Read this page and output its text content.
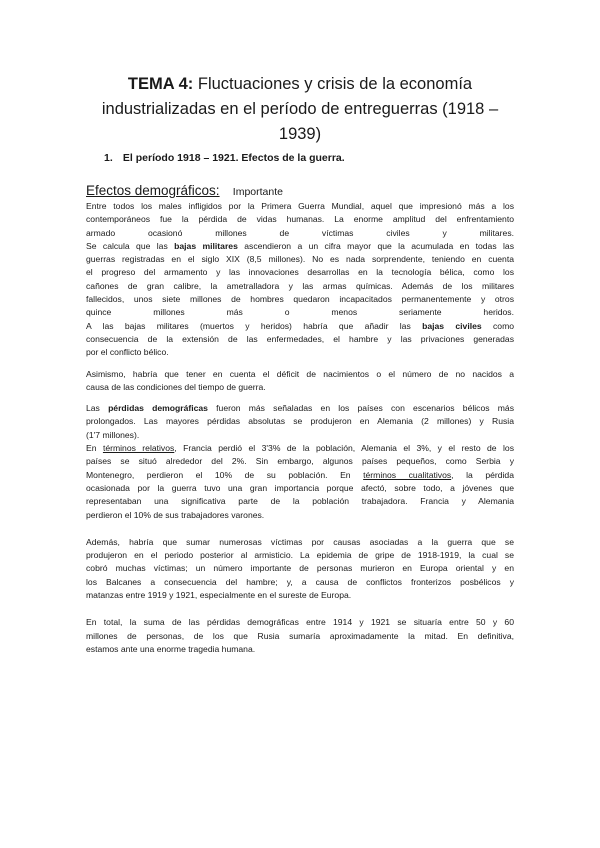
TEMA 4: Fluctuaciones y crisis de la economía
industrializadas en el período de entreguerras (1918 –
1939)
1. El período 1918 – 1921. Efectos de la guerra.
Efectos demográficos: Importante

Entre todos los males infligidos por la Primera Guerra Mundial, aquel que impresionó más a los
contemporáneos fue la pérdida de vidas humanas. La enorme amplitud del enfrentamiento
armado ocasionó millones de víctimas civiles y militares.
Se calcula que las bajas militares ascendieron a un cifra mayor que la acumulada en todas las
guerras registradas en el siglo XIX (8,5 millones). No es nada sorprendente, teniendo en cuenta
el progreso del armamento y las innovaciones desarrollas en la tecnología bélica, como los
cañones de gran calibre, la ametralladora y las armas químicas. Además de los militares
fallecidos, unos siete millones de hombres quedaron incapacitados permanentemente y otros
quince millones más o menos seriamente heridos.
A las bajas militares (muertos y heridos) habría que añadir las bajas civiles como
consecuencia de la extensión de las enfermedades, el hambre y las privaciones generadas
por el conflicto bélico.

Asimismo, habría que tener en cuenta el déficit de nacimientos o el número de no nacidos a
causa de las condiciones del tiempo de guerra.

Las pérdidas demográficas fueron más señaladas en los países con escenarios bélicos más
prolongados. Las mayores pérdidas absolutas se produjeron en Alemania (2 millones) y Rusia
(1'7 millones).
En términos relativos, Francia perdió el 3'3% de la población, Alemania el 3%, y el resto de los
países se situó alrededor del 2%. Sin embargo, algunos países pequeños, como Serbia y
Montenegro, perdieron el 10% de su población. En términos cualitativos, la pérdida
ocasionada por la guerra tuvo una gran importancia porque afectó, sobre todo, a jóvenes que
representaban una significativa parte de la población trabajadora. Francia y Alemania
perdieron el 10% de sus trabajadores varones.

Además, habría que sumar numerosas víctimas por causas asociadas a la guerra que se
produjeron en el periodo posterior al armisticio. La epidemia de gripe de 1918-1919, la cual se
cobró muchas víctimas; un número importante de personas murieron en Europa oriental y en
los Balcanes a consecuencia del hambre; y, a causa de conflictos fronterizos posbélicos y
matanzas entre 1919 y 1921, especialmente en el sureste de Europa.

En total, la suma de las pérdidas demográficas entre 1914 y 1921 se situaría entre 50 y 60
millones de personas, de los que Rusia sumaría aproximadamente la mitad. En definitiva,
estamos ante una enorme tragedia humana.
